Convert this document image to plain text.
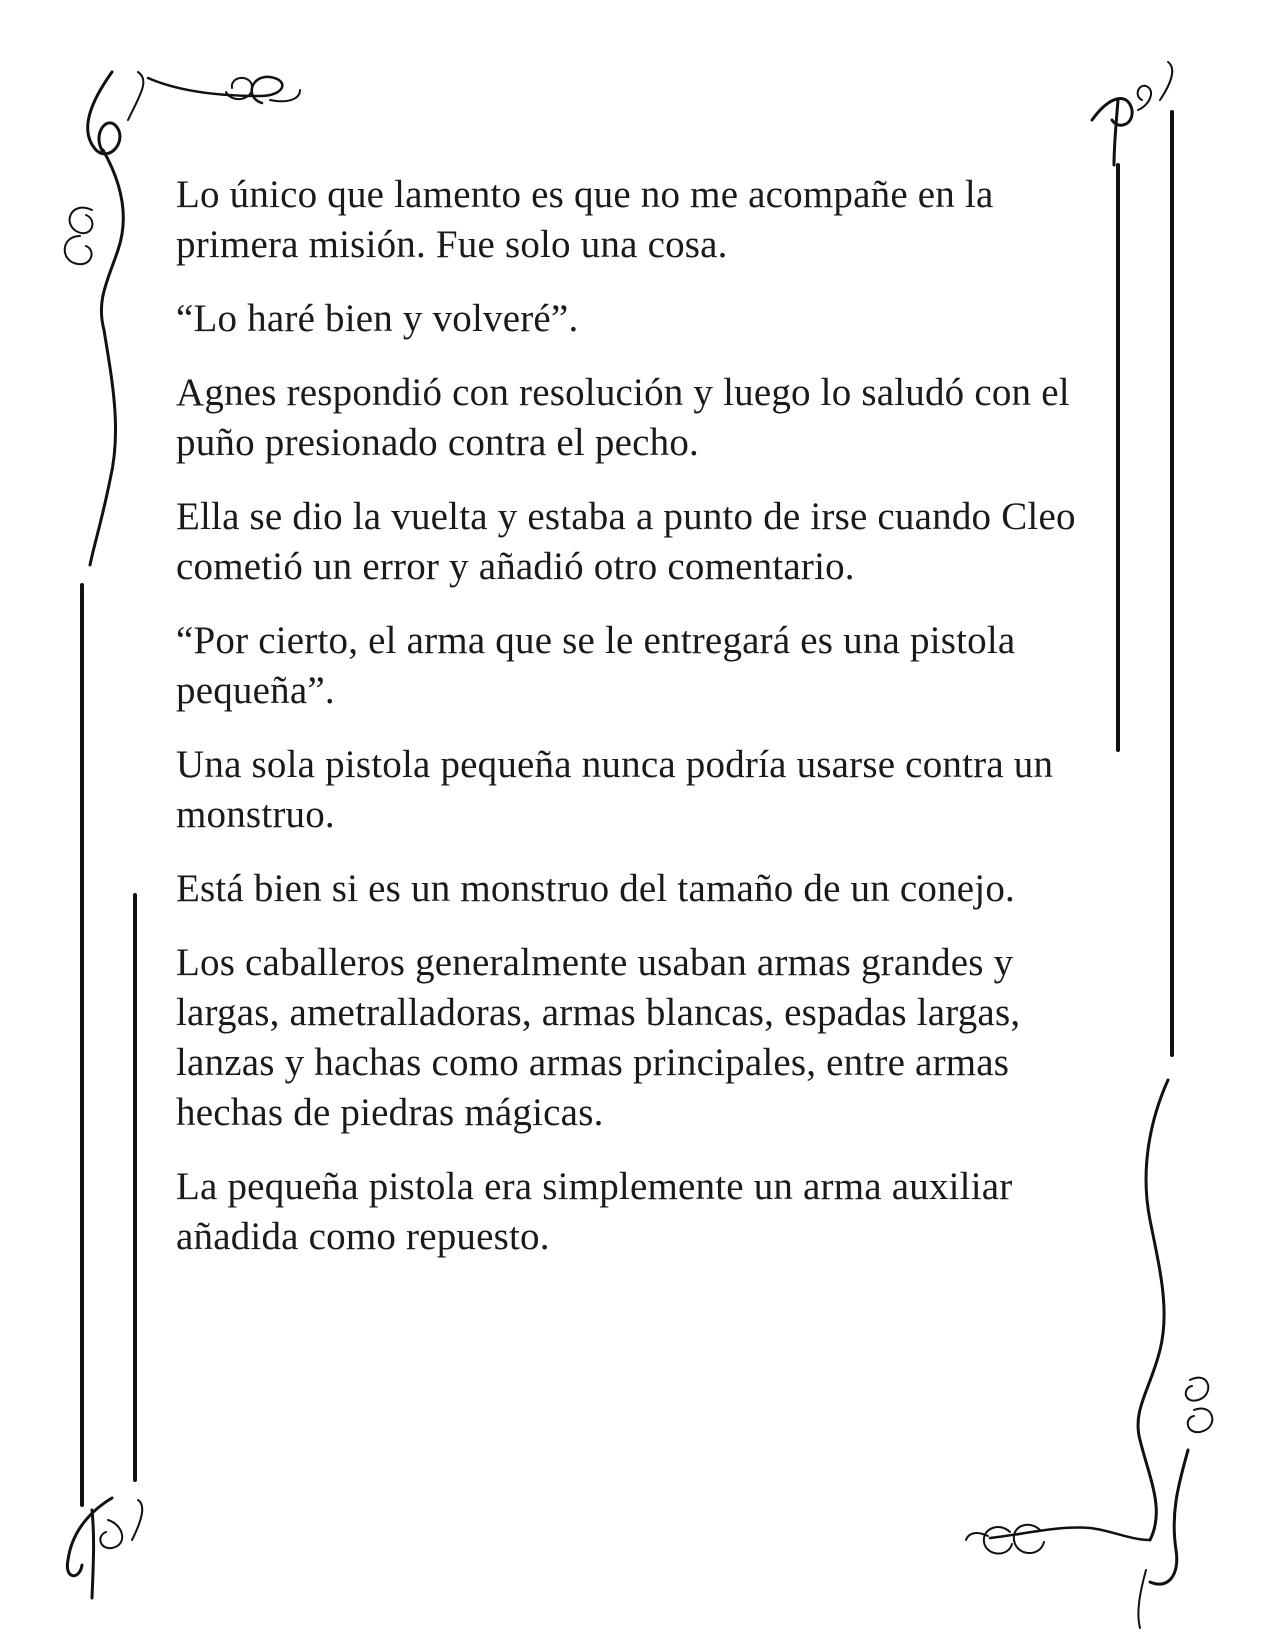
Lo único que lamento es que no me acompañe en la primera misión. Fue solo una cosa.

“Lo haré bien y volveré”.

Agnes respondió con resolución y luego lo saludó con el puño presionado contra el pecho.

Ella se dio la vuelta y estaba a punto de irse cuando Cleo cometió un error y añadió otro comentario.

“Por cierto, el arma que se le entregará es una pistola pequeña”.

Una sola pistola pequeña nunca podría usarse contra un monstruo.

Está bien si es un monstruo del tamaño de un conejo.

Los caballeros generalmente usaban armas grandes y largas, ametralladoras, armas blancas, espadas largas, lanzas y hachas como armas principales, entre armas hechas de piedras mágicas.

La pequeña pistola era simplemente un arma auxiliar añadida como repuesto.
